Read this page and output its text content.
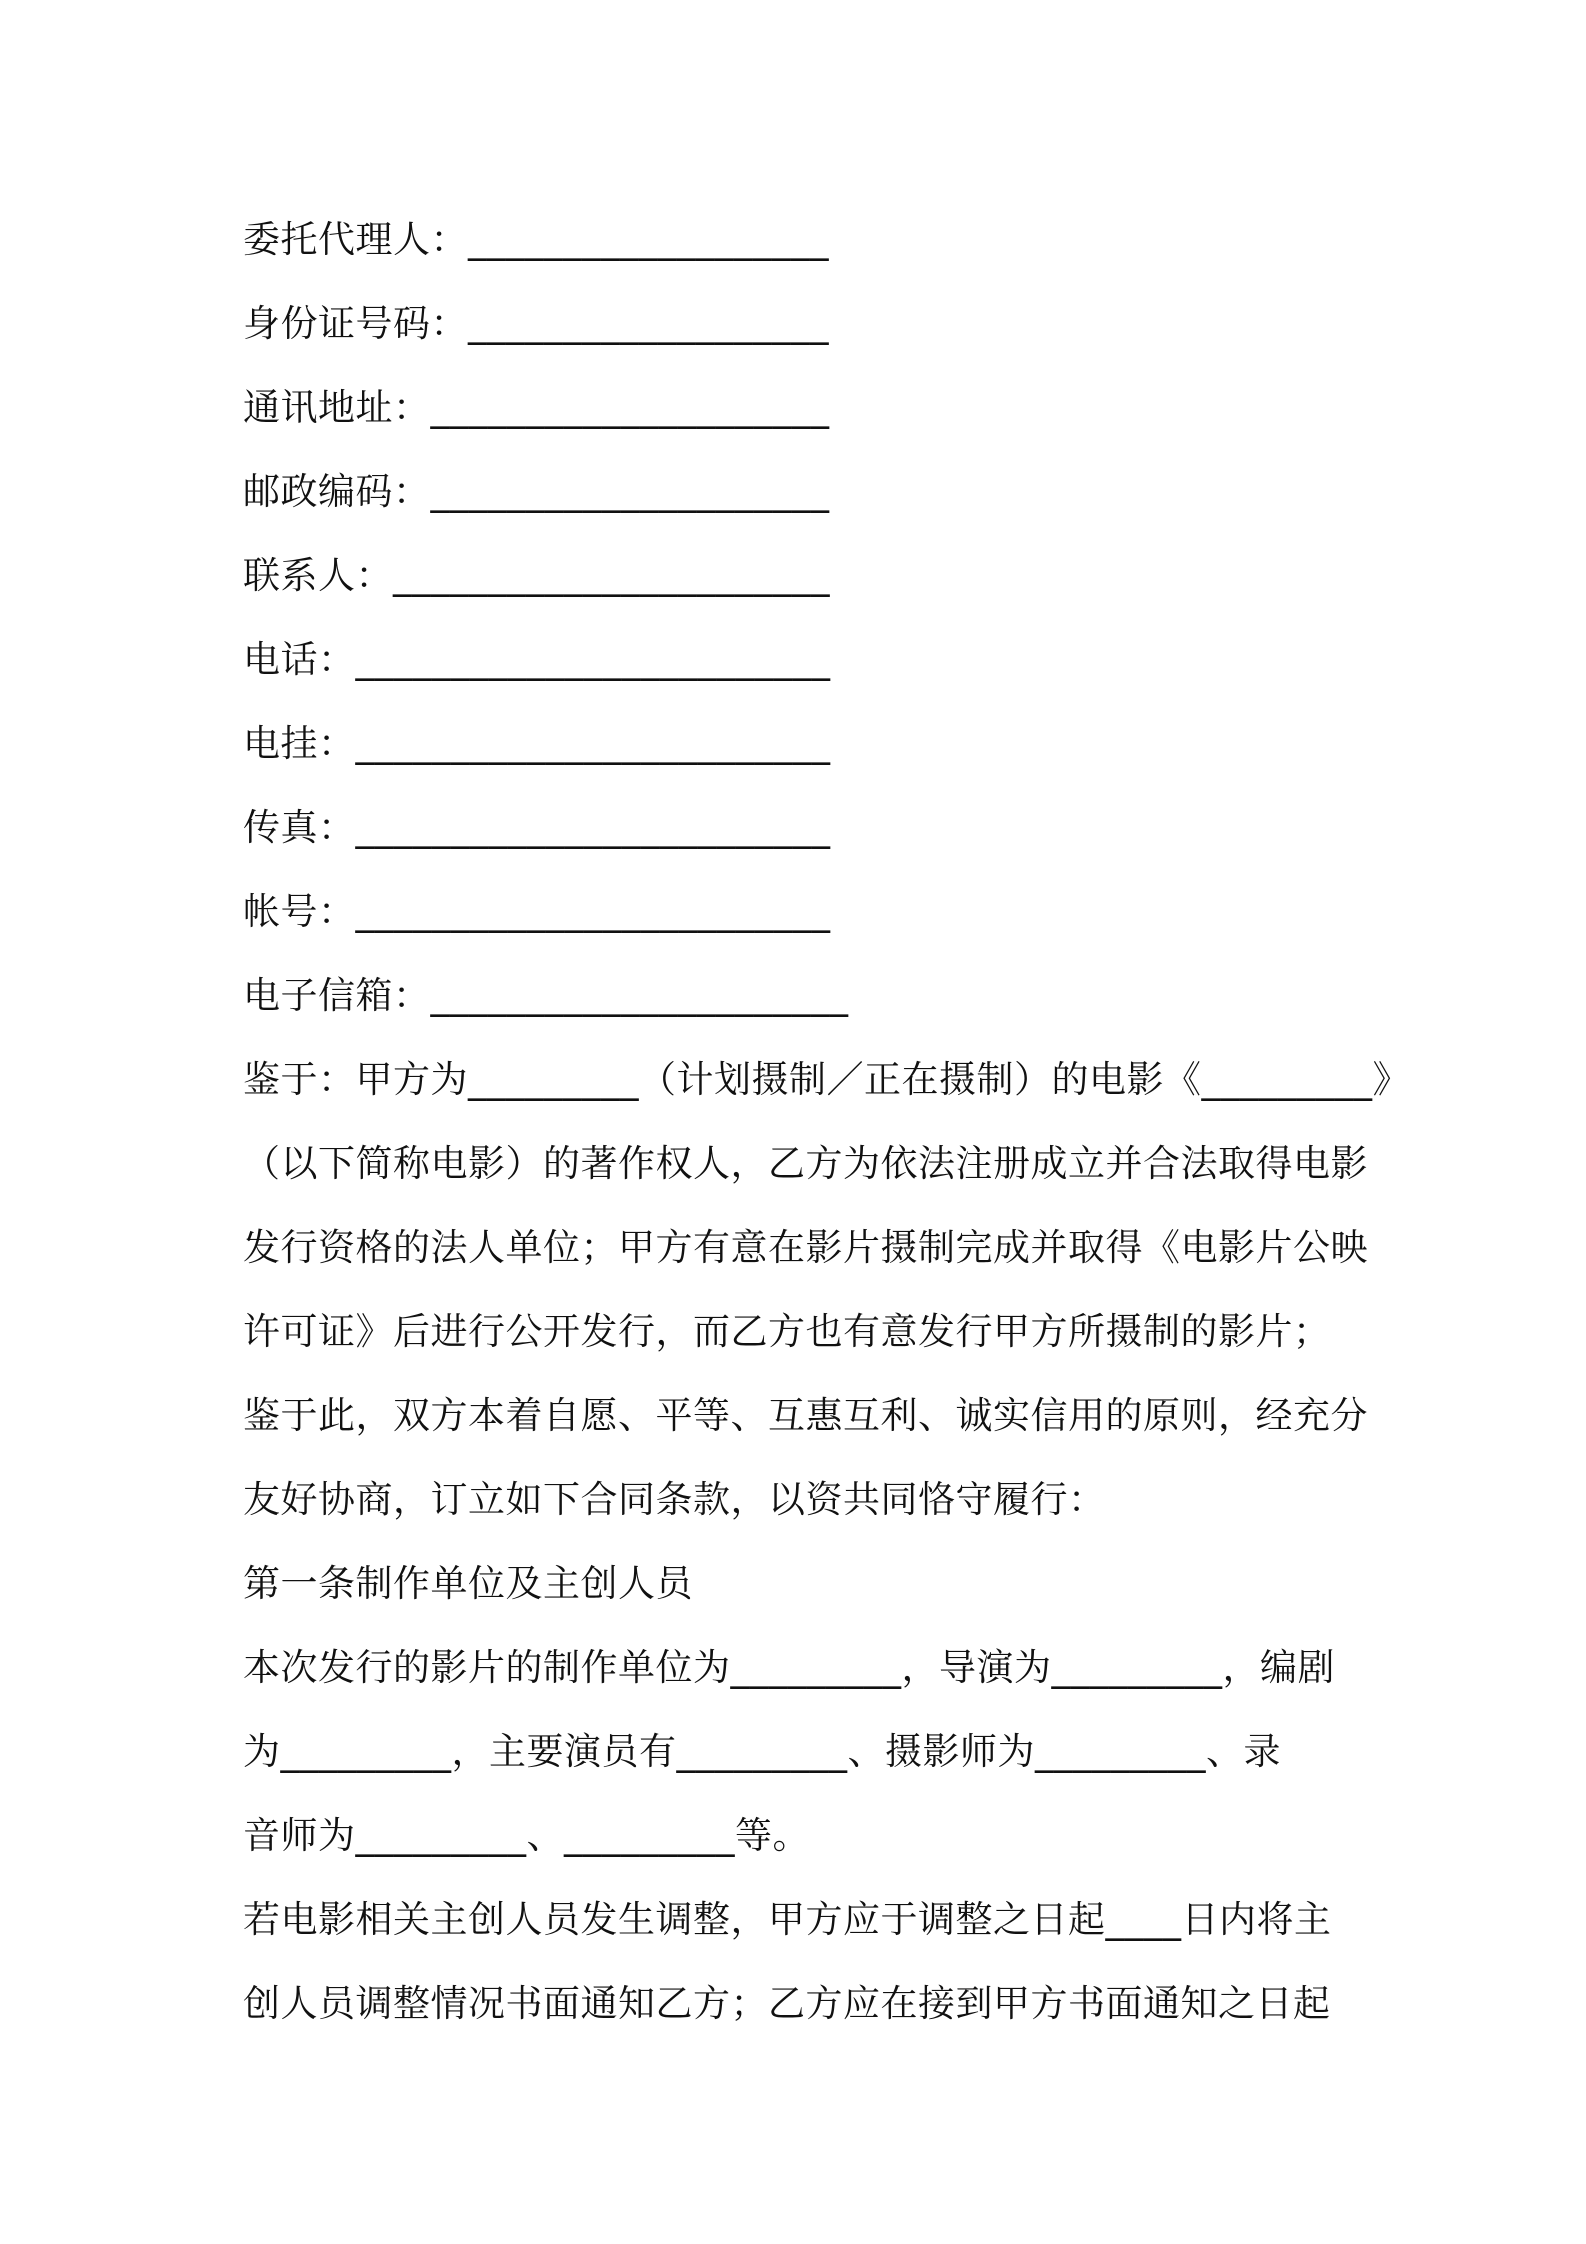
委托代理人：___________________
身份证号码：___________________
通讯地址：_____________________
邮政编码：_____________________
联系人：_______________________
电话：_________________________
电挂：_________________________
传真：_________________________
帐号：_________________________
电子信箱：______________________
鉴于：甲方为_________（计划摄制／正在摄制）的电影《_________》
（以下简称电影）的著作权人，乙方为依法注册成立并合法取得电影
发行资格的法人单位；甲方有意在影片摄制完成并取得《电影片公映
许可证》后进行公开发行，而乙方也有意发行甲方所摄制的影片；
鉴于此，双方本着自愿、平等、互惠互利、诚实信用的原则，经充分
友好协商，订立如下合同条款，以资共同恪守履行：
第一条制作单位及主创人员
本次发行的影片的制作单位为_________，导演为_________，编剧
为_________，主要演员有_________、摄影师为_________、录
音师为_________、_________等。
若电影相关主创人员发生调整，甲方应于调整之日起____日内将主
创人员调整情况书面通知乙方；乙方应在接到甲方书面通知之日起
